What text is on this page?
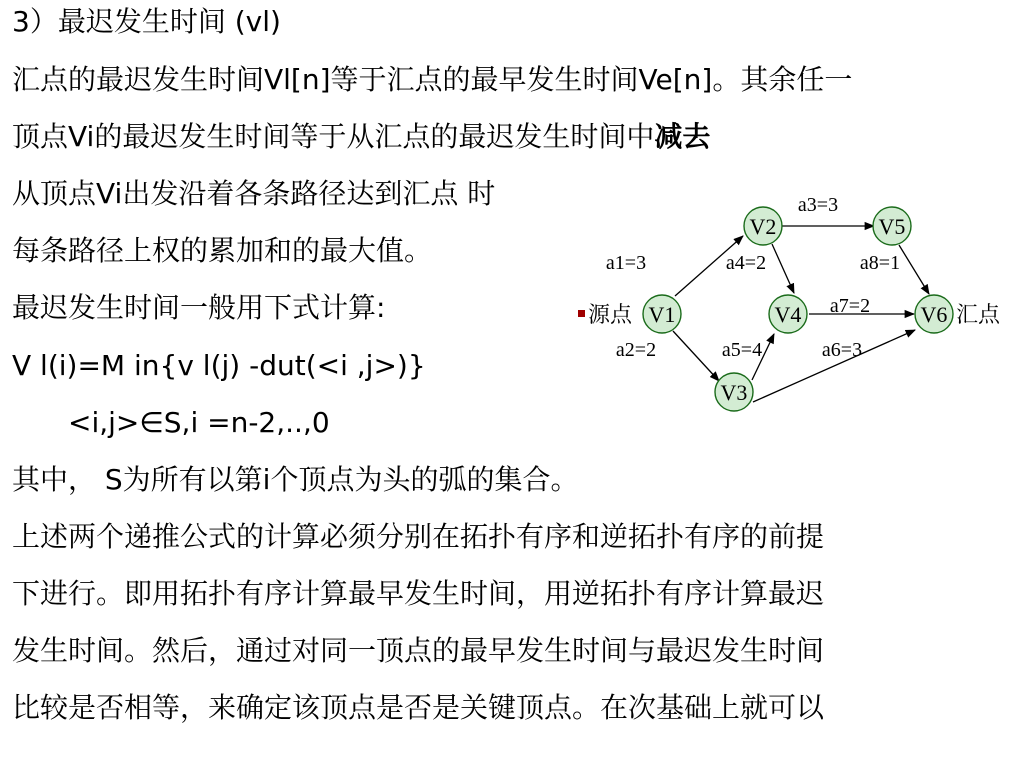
3）最迟发生时间 (vl)
汇点的最迟发生时间Vl[n]等于汇点的最早发生时间Ve[n]。其余任一
顶点Vi的最迟发生时间等于从汇点的最迟发生时间中减去
从顶点Vi出发沿着各条路径达到汇点 时
每条路径上权的累加和的最大值。
最迟发生时间一般用下式计算:
V l(i)=M in{v l(j) -dut(<i ,j>)}
<i,j>∈S,i =n-2,..,0
其中， S为所有以第i个顶点为头的弧的集合。
上述两个递推公式的计算必须分别在拓扑有序和逆拓扑有序的前提
下进行。即用拓扑有序计算最早发生时间，用逆拓扑有序计算最迟
发生时间。然后，通过对同一顶点的最早发生时间与最迟发生时间
比较是否相等，来确定该顶点是否是关键顶点。在次基础上就可以
a3=3
a1=3	a4=2	a8=1
a7=2
a2=2	a5=4	a6=3
V1
V2
V3
V4
V5
V6
源点	汇点
